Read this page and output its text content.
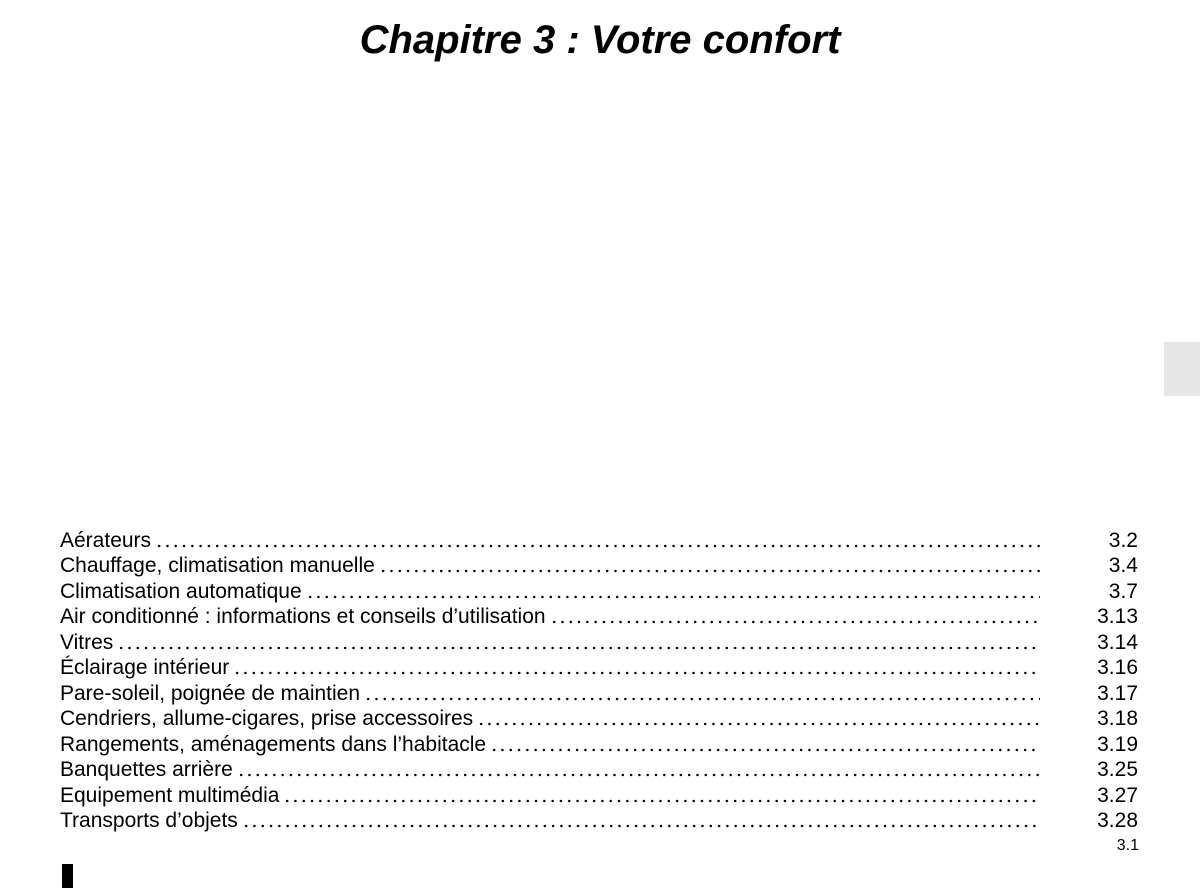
Chapitre 3 : Votre confort
Aérateurs	3.2
Chauffage, climatisation manuelle	3.4
Climatisation automatique	3.7
Air conditionné : informations et conseils d’utilisation	3.13
Vitres	3.14
Éclairage intérieur	3.16
Pare-soleil, poignée de maintien	3.17
Cendriers, allume-cigares, prise accessoires	3.18
Rangements, aménagements dans l’habitacle	3.19
Banquettes arrière	3.25
Equipement multimédia	3.27
Transports d’objets	3.28
3.1
